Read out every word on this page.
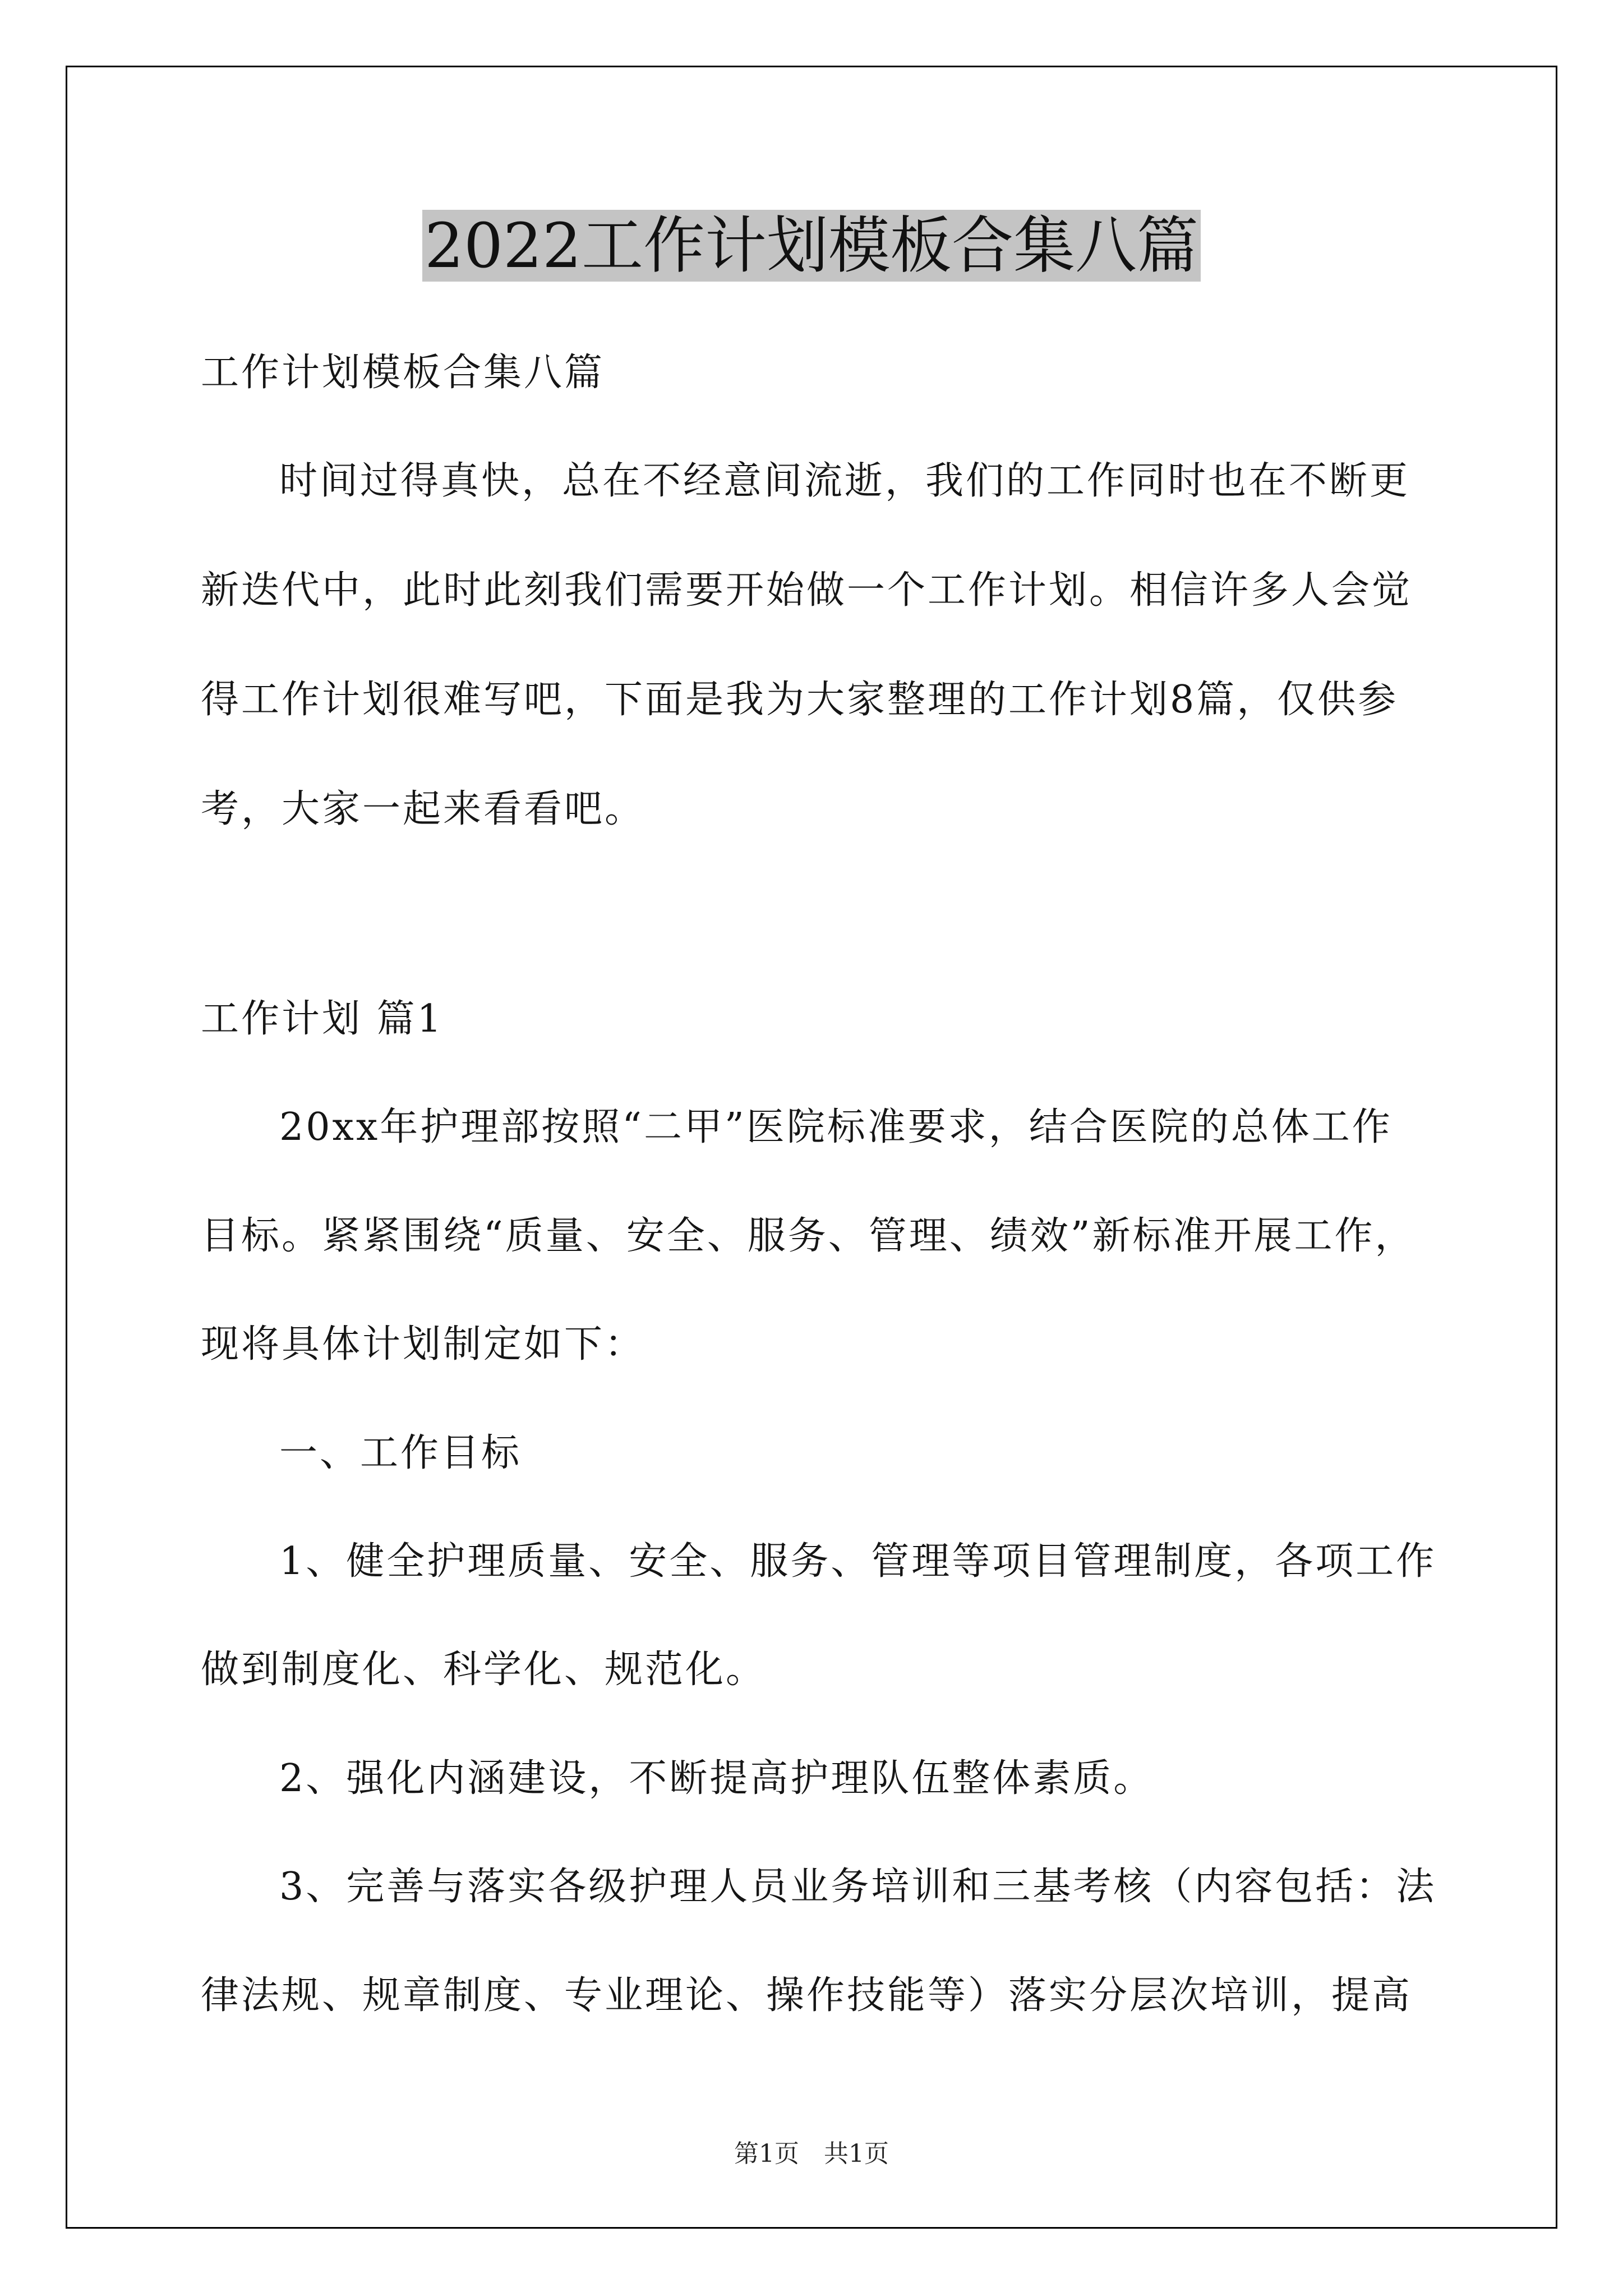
2022工作计划模板合集八篇
工作计划模板合集八篇
时间过得真快，总在不经意间流逝，我们的工作同时也在不断更
新迭代中，此时此刻我们需要开始做一个工作计划。相信许多人会觉
得工作计划很难写吧，下面是我为大家整理的工作计划8篇，仅供参
考，大家一起来看看吧。
工作计划 篇1
20xx年护理部按照“二甲”医院标准要求，结合医院的总体工作
目标。紧紧围绕“质量、安全、服务、管理、绩效”新标准开展工作，
现将具体计划制定如下：
一、工作目标
1、健全护理质量、安全、服务、管理等项目管理制度，各项工作
做到制度化、科学化、规范化。
2、强化内涵建设，不断提高护理队伍整体素质。
3、完善与落实各级护理人员业务培训和三基考核（内容包括：法
律法规、规章制度、专业理论、操作技能等）落实分层次培训，提高
第1页　共1页
